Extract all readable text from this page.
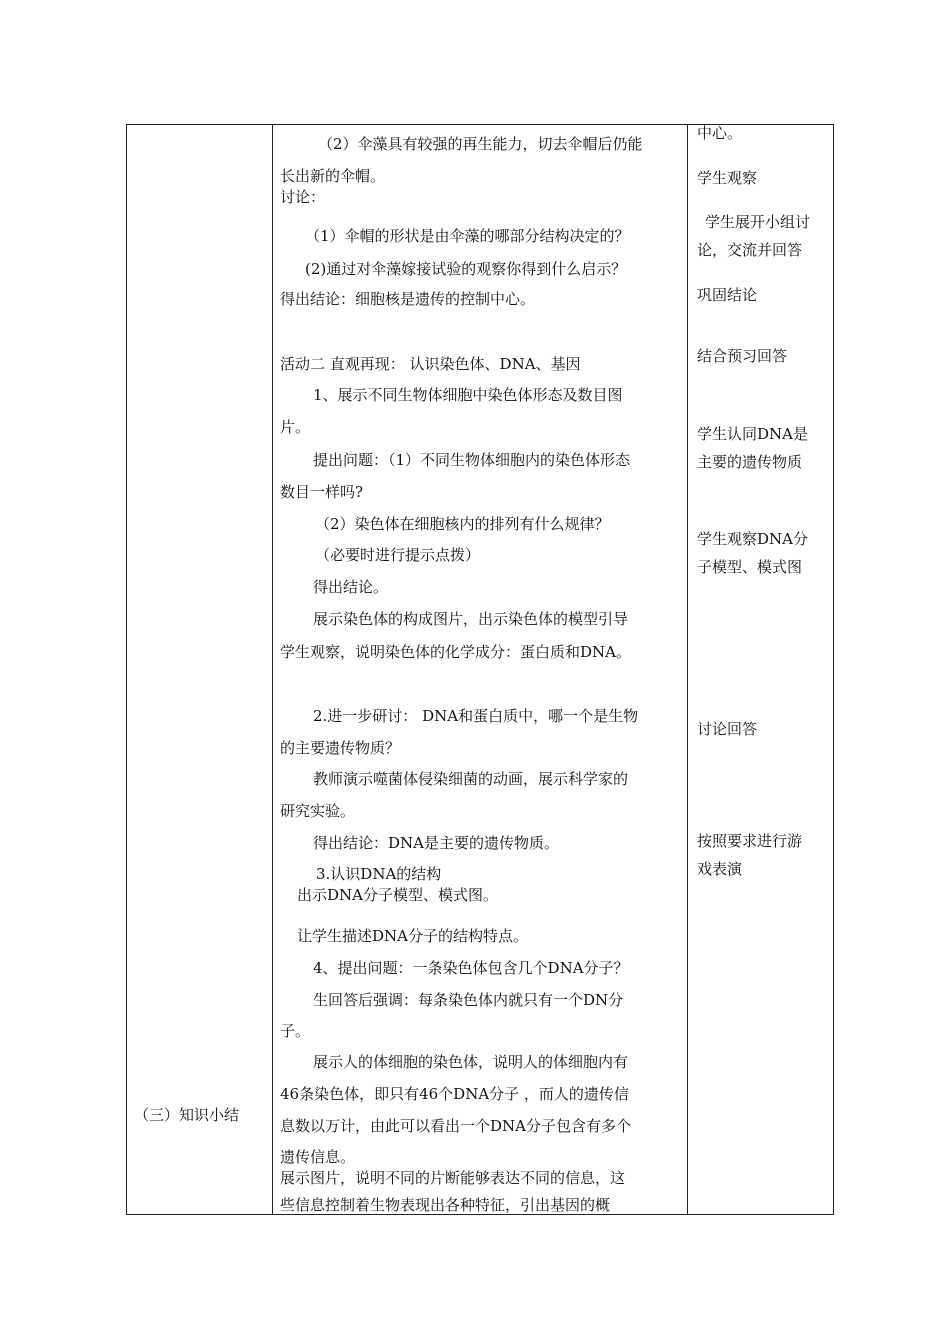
（三）知识小结
（2）伞藻具有较强的再生能力，切去伞帽后仍能
长出新的伞帽。
讨论：
（1）伞帽的形状是由伞藻的哪部分结构决定的？
(2)通过对伞藻嫁接试验的观察你得到什么启示？
得出结论：细胞核是遗传的控制中心。
活动二 直观再现： 认识染色体、DNA、基因
1、展示不同生物体细胞中染色体形态及数目图
片。
提出问题：（1）不同生物体细胞内的染色体形态
数目一样吗?
（2）染色体在细胞核内的排列有什么规律？
（必要时进行提示点拨）
得出结论。
展示染色体的构成图片，出示染色体的模型引导
学生观察，说明染色体的化学成分：蛋白质和DNA。
2.进一步研讨： DNA和蛋白质中，哪一个是生物
的主要遗传物质？
教师演示噬菌体侵染细菌的动画，展示科学家的
研究实验。
得出结论：DNA是主要的遗传物质。
3.认识DNA的结构
出示DNA分子模型、模式图。
让学生描述DNA分子的结构特点。
4、提出问题：一条染色体包含几个DNA分子？
生回答后强调：每条染色体内就只有一个DN分
子。
展示人的体细胞的染色体，说明人的体细胞内有
46条染色体，即只有46个DNA分子 ，而人的遗传信
息数以万计，由此可以看出一个DNA分子包含有多个
遗传信息。
展示图片，说明不同的片断能够表达不同的信息，这
些信息控制着生物表现出各种特征，引出基因的概
中心。
学生观察
学生展开小组讨
论，交流并回答
巩固结论
结合预习回答
学生认同DNA是
主要的遗传物质
学生观察DNA分
子模型、模式图
讨论回答
按照要求进行游
戏表演
